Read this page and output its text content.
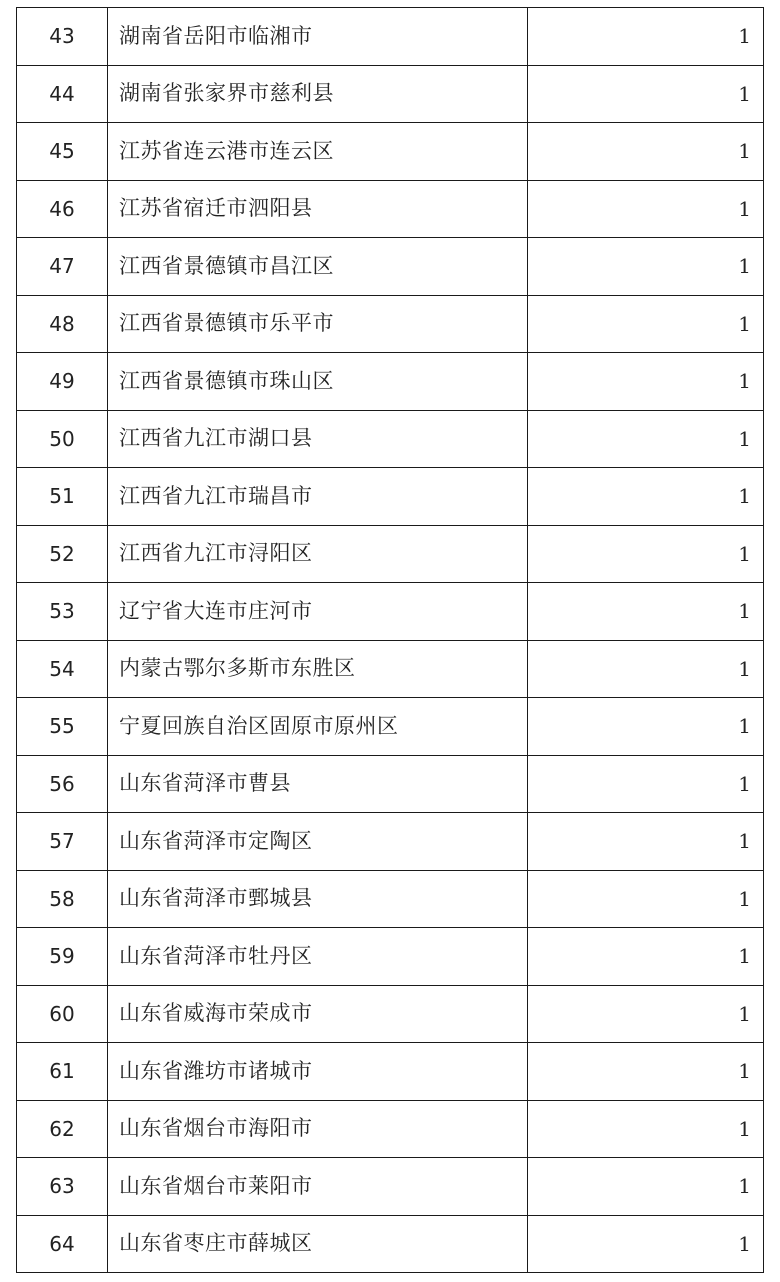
43	湖南省岳阳市临湘市	1
44	湖南省张家界市慈利县	1
45	江苏省连云港市连云区	1
46	江苏省宿迁市泗阳县	1
47	江西省景德镇市昌江区	1
48	江西省景德镇市乐平市	1
49	江西省景德镇市珠山区	1
50	江西省九江市湖口县	1
51	江西省九江市瑞昌市	1
52	江西省九江市浔阳区	1
53	辽宁省大连市庄河市	1
54	内蒙古鄂尔多斯市东胜区	1
55	宁夏回族自治区固原市原州区	1
56	山东省菏泽市曹县	1
57	山东省菏泽市定陶区	1
58	山东省菏泽市鄄城县	1
59	山东省菏泽市牡丹区	1
60	山东省威海市荣成市	1
61	山东省潍坊市诸城市	1
62	山东省烟台市海阳市	1
63	山东省烟台市莱阳市	1
64	山东省枣庄市薛城区	1
